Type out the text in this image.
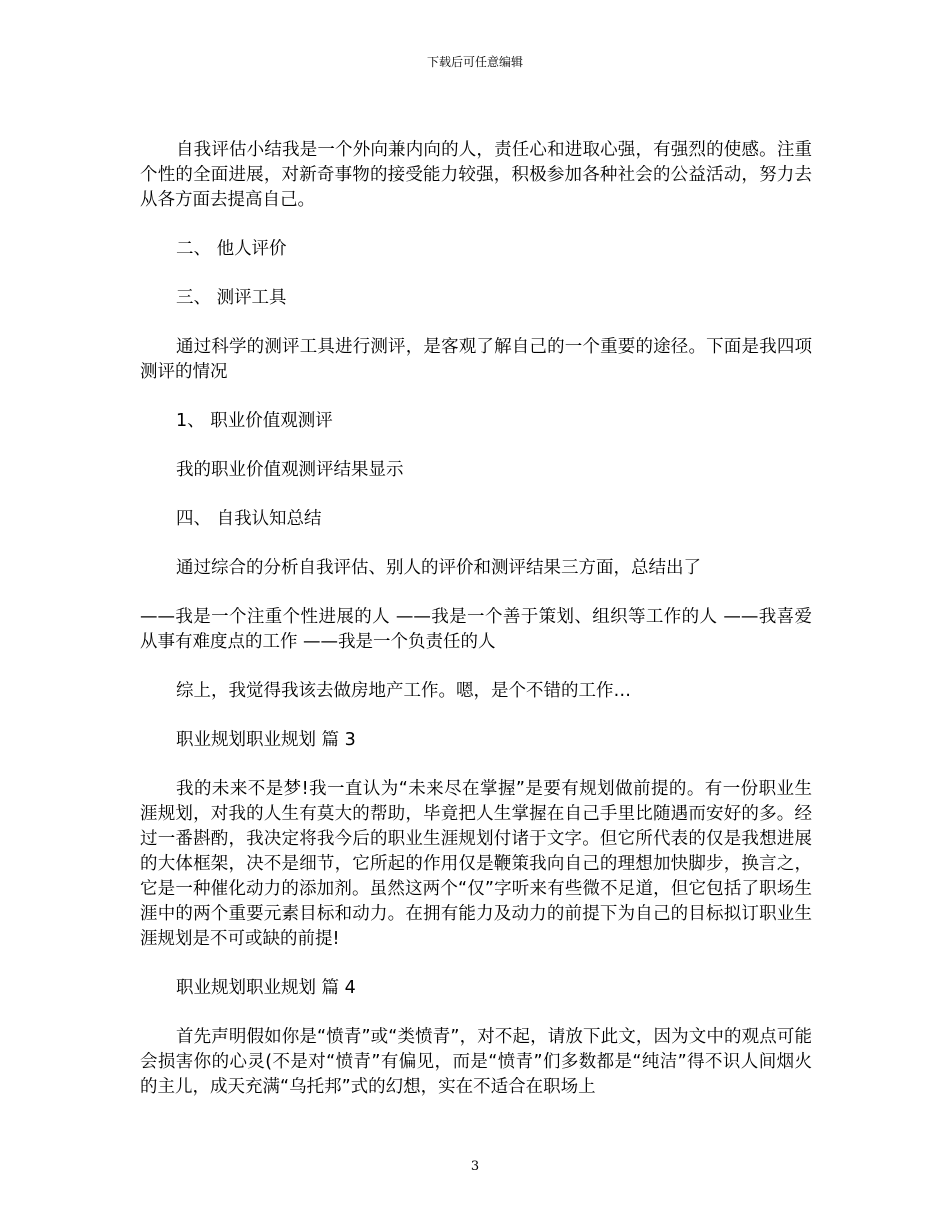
下载后可任意编辑

自我评估小结我是一个外向兼内向的人，责任心和进取心强，有强烈的使感。注重个性的全面进展，对新奇事物的接受能力较强，积极参加各种社会的公益活动，努力去从各方面去提高自己。

二、 他人评价

三、 测评工具

通过科学的测评工具进行测评，是客观了解自己的一个重要的途径。下面是我四项测评的情况

1、 职业价值观测评

我的职业价值观测评结果显示

四、 自我认知总结

通过综合的分析自我评估、别人的评价和测评结果三方面，总结出了

——我是一个注重个性进展的人 ——我是一个善于策划、组织等工作的人 ——我喜爱从事有难度点的工作 ——我是一个负责任的人

综上，我觉得我该去做房地产工作。嗯，是个不错的工作…

职业规划职业规划 篇 3

我的未来不是梦!我一直认为“未来尽在掌握”是要有规划做前提的。有一份职业生涯规划，对我的人生有莫大的帮助，毕竟把人生掌握在自己手里比随遇而安好的多。经过一番斟酌，我决定将我今后的职业生涯规划付诸于文字。但它所代表的仅是我想进展的大体框架，决不是细节，它所起的作用仅是鞭策我向自己的理想加快脚步，换言之，它是一种催化动力的添加剂。虽然这两个“仅”字听来有些微不足道，但它包括了职场生涯中的两个重要元素目标和动力。在拥有能力及动力的前提下为自己的目标拟订职业生涯规划是不可或缺的前提!

职业规划职业规划 篇 4

首先声明假如你是“愤青”或“类愤青”，对不起，请放下此文，因为文中的观点可能会损害你的心灵(不是对“愤青”有偏见，而是“愤青”们多数都是“纯洁”得不识人间烟火的主儿，成天充满“乌托邦”式的幻想，实在不适合在职场上

3
